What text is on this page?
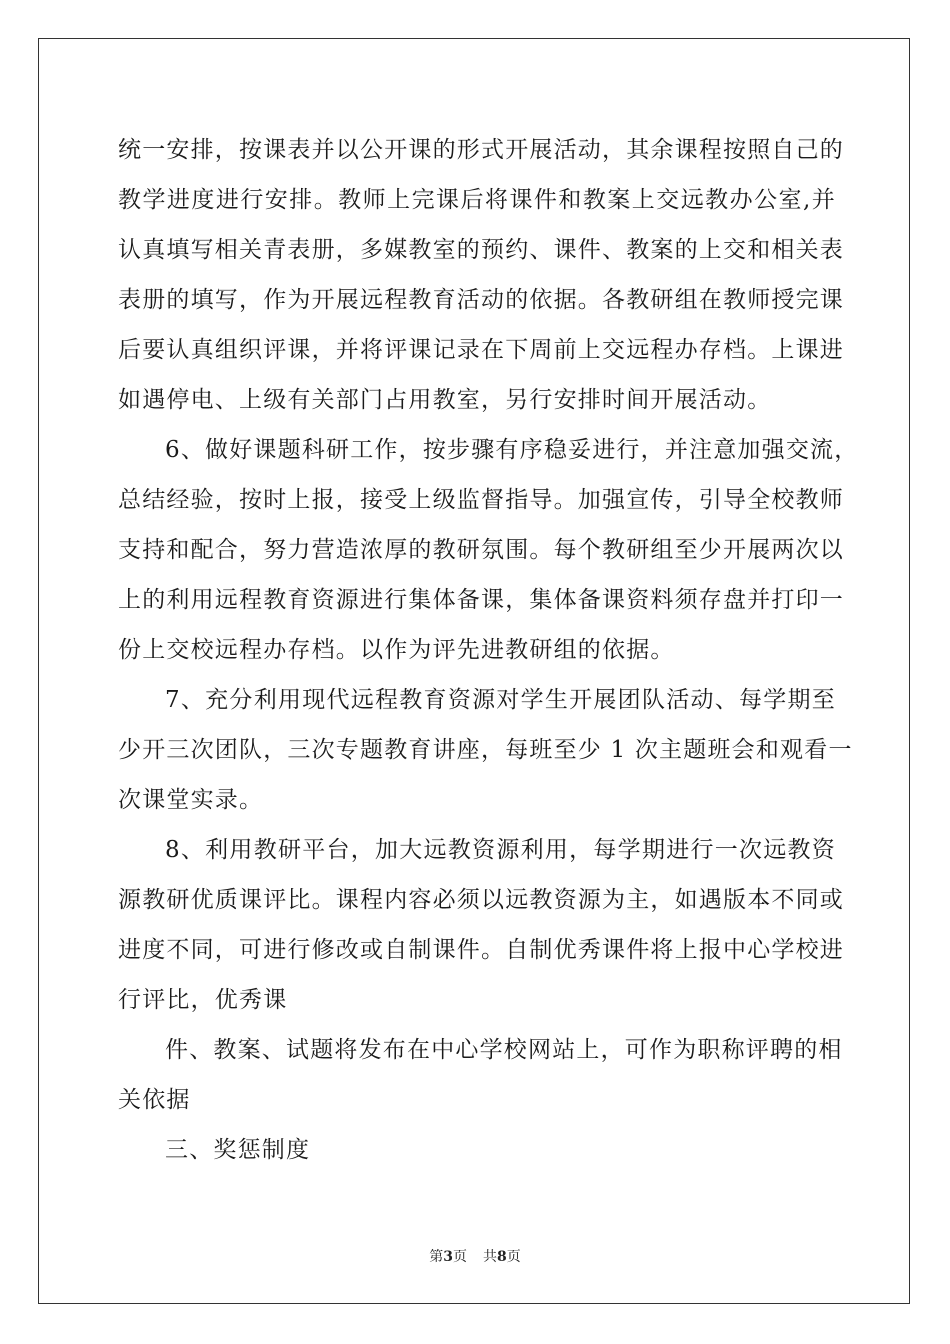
统一安排，按课表并以公开课的形式开展活动，其余课程按照自己的
教学进度进行安排。教师上完课后将课件和教案上交远教办公室,并
认真填写相关青表册，多媒教室的预约、课件、教案的上交和相关表
表册的填写，作为开展远程教育活动的依据。各教研组在教师授完课
后要认真组织评课，并将评课记录在下周前上交远程办存档。上课进
如遇停电、上级有关部门占用教室，另行安排时间开展活动。
6、做好课题科研工作，按步骤有序稳妥进行，并注意加强交流，
总结经验，按时上报，接受上级监督指导。加强宣传，引导全校教师
支持和配合，努力营造浓厚的教研氛围。每个教研组至少开展两次以
上的利用远程教育资源进行集体备课，集体备课资料须存盘并打印一
份上交校远程办存档。以作为评先进教研组的依据。
7、充分利用现代远程教育资源对学生开展团队活动、每学期至
少开三次团队，三次专题教育讲座，每班至少 1 次主题班会和观看一
次课堂实录。
8、利用教研平台，加大远教资源利用，每学期进行一次远教资
源教研优质课评比。课程内容必须以远教资源为主，如遇版本不同或
进度不同，可进行修改或自制课件。自制优秀课件将上报中心学校进
行评比，优秀课
件、教案、试题将发布在中心学校网站上，可作为职称评聘的相
关依据
三、奖惩制度
第3页 共8页
